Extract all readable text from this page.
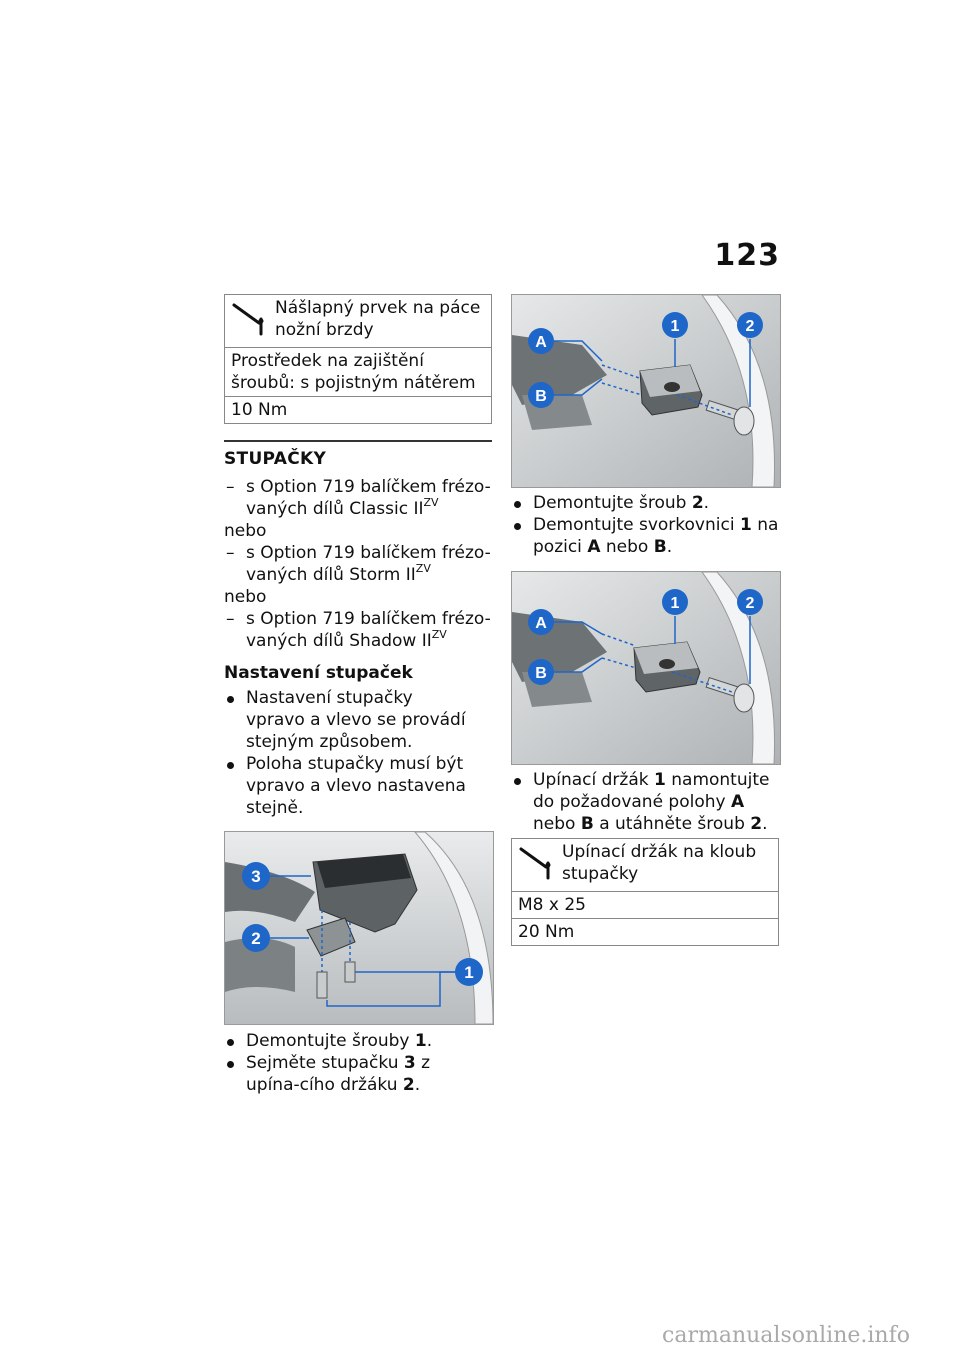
123
Nášlapný prvek na páce nožní brzdy
Prostředek na zajištění šroubů: s pojistným nátěrem
10 Nm
STUPAČKY
– s Option 719 balíčkem frézo-
vaných dílů Classic $II^{ZV}$
nebo
– s Option 719 balíčkem frézo-
vaných dílů Storm $II^{ZV}$
nebo
– s Option 719 balíčkem frézo-
vaných dílů Shadow $II^{ZV}$
Nastavení stupaček
Nastavení stupačky vpravo a vlevo se provádí stejným způsobem.
Poloha stupačky musí být vpravo a vlevo nastavena stejně.
3
2
1
Demontujte šrouby 1.
Sejměte stupačku 3 z upína-cího držáku 2.
A
B
1	2
Demontujte šroub 2.
Demontujte svorkovnici 1 na pozici A nebo B.
A
B
1	2
Upínací držák 1 namontujte do požadované polohy A nebo B a utáhněte šroub 2.
Upínací držák na kloub stupačky
M8 x 25
20 Nm
carmanualsonline.info
